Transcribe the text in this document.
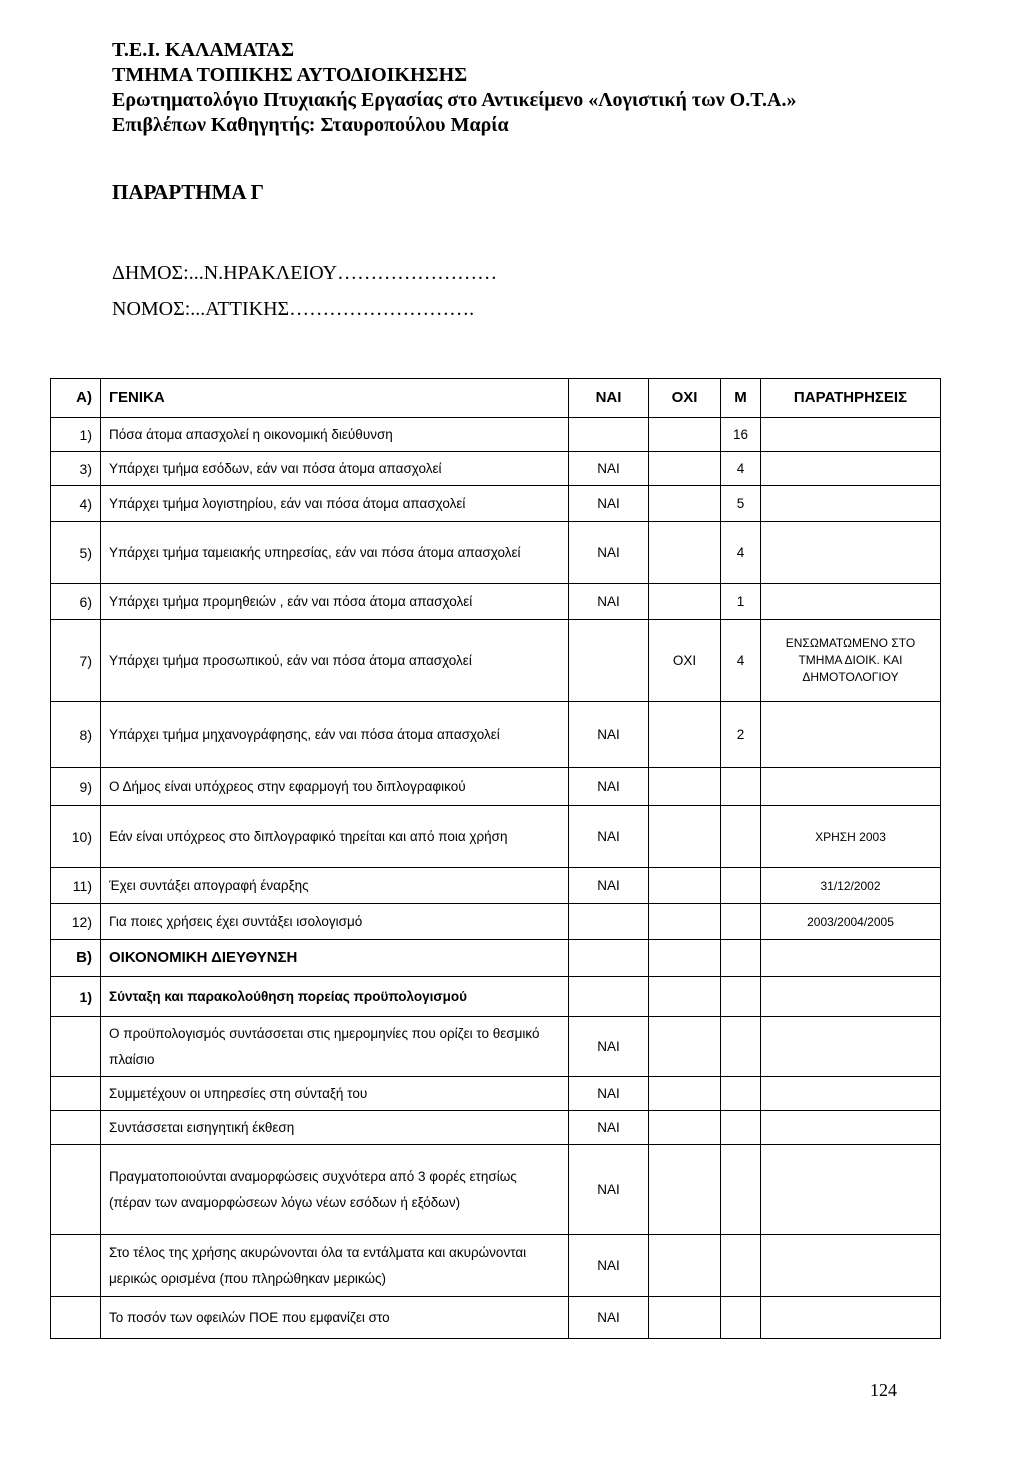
Τ.Ε.Ι. ΚΑΛΑΜΑΤΑΣ
ΤΜΗΜΑ ΤΟΠΙΚΗΣ ΑΥΤΟΔΙΟΙΚΗΣΗΣ
Ερωτηματολόγιο Πτυχιακής Εργασίας στο Αντικείμενο «Λογιστική των Ο.Τ.Α.»
Επιβλέπων Καθηγητής: Σταυροπούλου Μαρία
ΠΑΡΑΡΤΗΜΑ Γ
ΔΗΜΟΣ:...Ν.ΗΡΑΚΛΕΙΟΥ……………………
ΝΟΜΟΣ:...ΑΤΤΙΚΗΣ……………………….
Α)	ΓΕΝΙΚΑ	ΝΑΙ	ΟΧΙ	Μ	ΠΑΡΑΤΗΡΗΣΕΙΣ
1)	Πόσα άτομα απασχολεί η οικονομική διεύθυνση			16	
3)	Υπάρχει τμήμα εσόδων, εάν ναι πόσα άτομα απασχολεί	ΝΑΙ		4	
4)	Υπάρχει τμήμα λογιστηρίου, εάν ναι πόσα άτομα απασχολεί	ΝΑΙ		5	
5)	Υπάρχει τμήμα ταμειακής υπηρεσίας, εάν ναι πόσα άτομα απασχολεί	ΝΑΙ		4	
6)	Υπάρχει τμήμα προμηθειών , εάν ναι πόσα άτομα απασχολεί	ΝΑΙ		1	
7)	Υπάρχει τμήμα προσωπικού, εάν ναι πόσα άτομα απασχολεί		ΟΧΙ	4	ΕΝΣΩΜΑΤΩΜΕΝΟ ΣΤΟ ΤΜΗΜΑ ΔΙΟΙΚ. ΚΑΙ ΔΗΜΟΤΟΛΟΓΙΟΥ
8)	Υπάρχει τμήμα μηχανογράφησης, εάν ναι πόσα άτομα απασχολεί	ΝΑΙ		2	
9)	Ο Δήμος είναι υπόχρεος στην εφαρμογή του διπλογραφικού	ΝΑΙ			
10)	Εάν είναι υπόχρεος στο διπλογραφικό τηρείται και από ποια χρήση	ΝΑΙ			ΧΡΗΣΗ 2003
11)	Έχει συντάξει απογραφή έναρξης	ΝΑΙ			31/12/2002
12)	Για ποιες χρήσεις έχει συντάξει ισολογισμό				2003/2004/2005
Β)	ΟΙΚΟΝΟΜΙΚΗ ΔΙΕΥΘΥΝΣΗ				
1)	Σύνταξη και παρακολούθηση πορείας προϋπολογισμού				
	Ο προϋπολογισμός συντάσσεται στις ημερομηνίες που ορίζει το θεσμικό πλαίσιο	ΝΑΙ			
	Συμμετέχουν οι υπηρεσίες στη σύνταξή του	ΝΑΙ			
	Συντάσσεται εισηγητική έκθεση	ΝΑΙ			
	Πραγματοποιούνται αναμορφώσεις συχνότερα από 3 φορές ετησίως (πέραν των αναμορφώσεων λόγω νέων εσόδων ή εξόδων)	ΝΑΙ			
	Στο τέλος της χρήσης ακυρώνονται όλα τα εντάλματα και ακυρώνονται μερικώς ορισμένα (που πληρώθηκαν μερικώς)	ΝΑΙ			
	Το ποσόν των οφειλών ΠΟΕ που εμφανίζει στο	ΝΑΙ			
124
